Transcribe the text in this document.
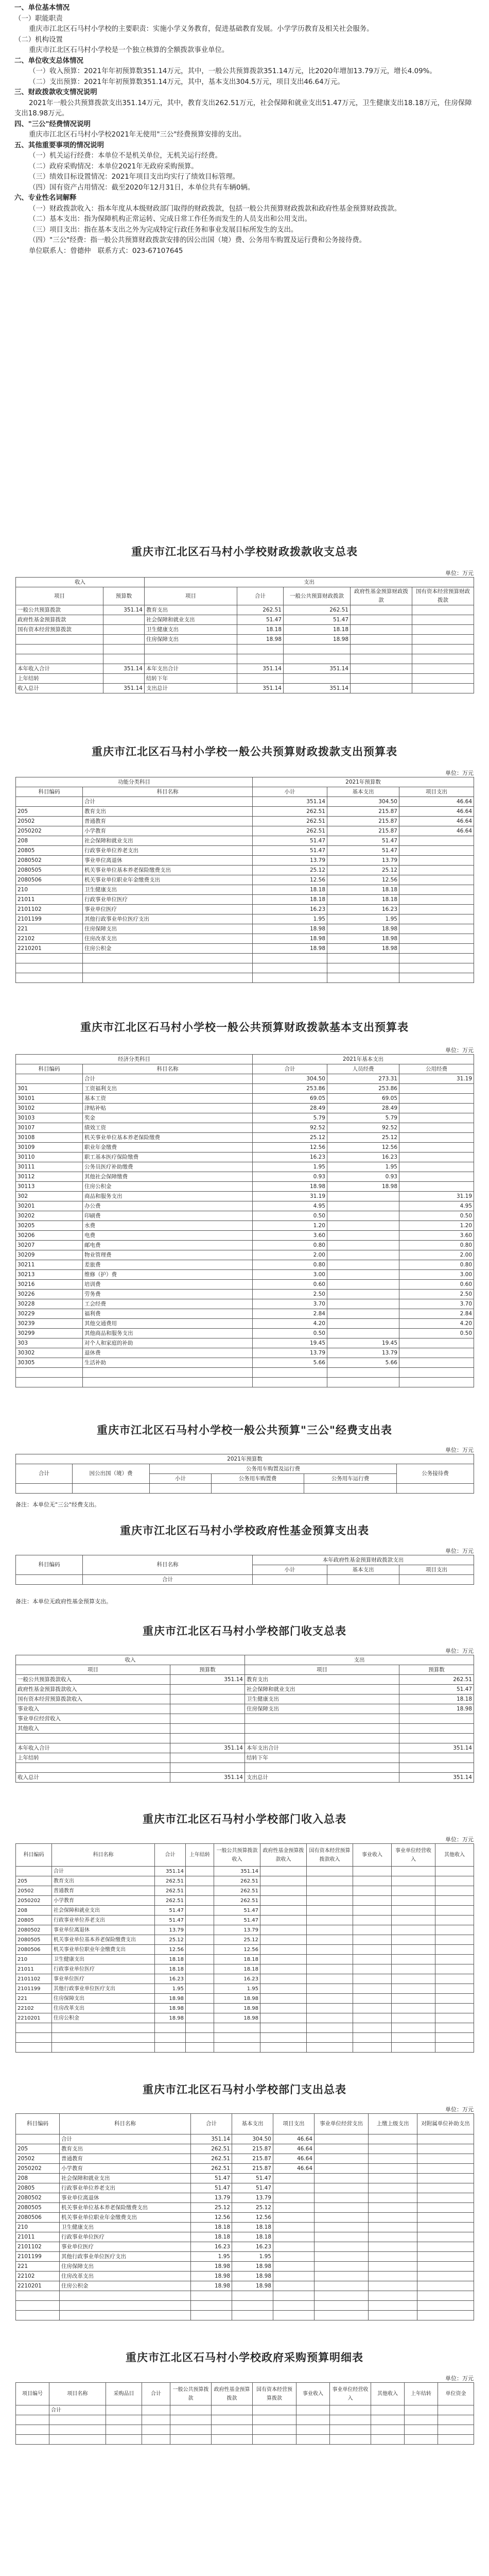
一、单位基本情况
（一）职能职责

重庆市江北区石马村小学校的主要职责：实施小学义务教育，促进基础教育发展。小学学历教育及相关社会服务。

（二）机构设置

重庆市江北区石马村小学校是一个独立核算的全额拨款事业单位。

二、单位收支总体情况

（一）收入预算：2021年年初预算数351.14万元，其中，一般公共预算拨款351.14万元，比2020年增加13.79万元，增长4.09%。

（二）支出预算：2021年年初预算数351.14万元，其中，基本支出304.5万元，项目支出46.64万元。

三、财政拨款收支情况说明

2021年一般公共预算拨款支出351.14万元，其中，教育支出262.51万元，社会保障和就业支出51.47万元，卫生健康支出18.18万元，住房保障支出18.98万元。

四、"三公"经费情况说明

重庆市江北区石马村小学校2021年无使用"三公"经费预算安排的支出。

五、其他重要事项的情况说明

（一）机关运行经费：本单位不是机关单位，无机关运行经费。

（二）政府采购情况：本单位2021年无政府采购预算。

（三）绩效目标设置情况：2021年项目支出均实行了绩效目标管理。

（四）国有资产占用情况：截至2020年12月31日，本单位共有车辆0辆。

六、专业性名词解释

（一）财政拨款收入：指本年度从本级财政部门取得的财政拨款，包括一般公共预算财政拨款和政府性基金预算财政拨款。

（二）基本支出：指为保障机构正常运转、完成日常工作任务而发生的人员支出和公用支出。

（三）项目支出：指在基本支出之外为完成特定行政任务和事业发展目标所发生的支出。

（四）"三公"经费：指一般公共预算财政拨款安排的因公出国（境）费、公务用车购置及运行费和公务接待费。

单位联系人：曾德仲　联系方式：023-67107645

重庆市江北区石马村小学校财政拨款收支总表
单位：万元
收入		支出				
项目	预算数	项目	合计	一般公共预算财政拨款	政府性基金预算财政拨款	国有资本经营预算财政拨款
一般公共预算拨款	351.14	教育支出	262.51	262.51		
政府性基金预算拨款		社会保障和就业支出	51.47	51.47		
国有资本经营预算拨款		卫生健康支出	18.18	18.18		
		住房保障支出	18.98	18.98		

本年收入合计	351.14	本年支出合计	351.14	351.14		
上年结转		结转下年				
收入总计	351.14	支出总计	351.14	351.14		
重庆市江北区石马村小学校一般公共预算财政拨款支出预算表
单位：万元
功能分类科目		2021年预算数		
科目编码	科目名称	小计	基本支出	项目支出
	合计	351.14	304.50	46.64
205	教育支出	262.51	215.87	46.64
20502	普通教育	262.51	215.87	46.64
2050202	小学教育	262.51	215.87	46.64
208	社会保障和就业支出	51.47	51.47	
20805	行政事业单位养老支出	51.47	51.47	
2080502	事业单位离退休	13.79	13.79	
2080505	机关事业单位基本养老保险缴费支出	25.12	25.12	
2080506	机关事业单位职业年金缴费支出	12.56	12.56	
210	卫生健康支出	18.18	18.18	
21011	行政事业单位医疗	18.18	18.18	
2101102	事业单位医疗	16.23	16.23	
2101199	其他行政事业单位医疗支出	1.95	1.95	
221	住房保障支出	18.98	18.98	
22102	住房改革支出	18.98	18.98	
2210201	住房公积金	18.98	18.98	

重庆市江北区石马村小学校一般公共预算财政拨款基本支出预算表
单位：万元
经济分类科目		2021年基本支出		
科目编码	科目名称	合计	人员经费	公用经费
	合计	304.50	273.31	31.19
301	工资福利支出	253.86	253.86	
30101	基本工资	69.05	69.05	
30102	津贴补贴	28.49	28.49	
30103	奖金	5.79	5.79	
30107	绩效工资	92.52	92.52	
30108	机关事业单位基本养老保险缴费	25.12	25.12	
30109	职业年金缴费	12.56	12.56	
30110	职工基本医疗保险缴费	16.23	16.23	
30111	公务员医疗补助缴费	1.95	1.95	
30112	其他社会保障缴费	0.93	0.93	
30113	住房公积金	18.98	18.98	
302	商品和服务支出	31.19		31.19
30201	办公费	4.95		4.95
30202	印刷费	0.50		0.50
30205	水费	1.20		1.20
30206	电费	3.60		3.60
30207	邮电费	0.80		0.80
30209	物业管理费	2.00		2.00
30211	差旅费	0.80		0.80
30213	维修（护）费	3.00		3.00
30216	培训费	0.60		0.60
30226	劳务费	2.50		2.50
30228	工会经费	3.70		3.70
30229	福利费	2.84		2.84
30239	其他交通费用	4.20		4.20
30299	其他商品和服务支出	0.50		0.50
303	对个人和家庭的补助	19.45	19.45	
30302	退休费	13.79	13.79	
30305	生活补助	5.66	5.66	

重庆市江北区石马村小学校一般公共预算"三公"经费支出表
单位：万元
2021年预算数					
合计	因公出国（境）费	公务用车购置及运行费			公务接待费
		小计	公务用车购置费	公务用车运行费	

备注：本单位无"三公"经费支出。
重庆市江北区石马村小学校政府性基金预算支出表
单位：万元
科目编码	科目名称	本年政府性基金预算财政拨款支出		
		小计	基本支出	项目支出
	合计			
备注：本单位无政府性基金预算支出。
重庆市江北区石马村小学校部门收支总表
单位：万元
收入		支出	
项目	预算数	项目	预算数
一般公共预算拨款收入	351.14	教育支出	262.51
政府性基金预算拨款收入		社会保障和就业支出	51.47
国有资本经营预算拨款收入		卫生健康支出	18.18
事业收入		住房保障支出	18.98
事业单位经营收入			
其他收入			

本年收入合计	351.14	本年支出合计	351.14
上年结转		结转下年	

收入总计	351.14	支出总计	351.14
重庆市江北区石马村小学校部门收入总表
单位：万元
科目编码	科目名称	合计	上年结转	一般公共预算拨款收入	政府性基金预算拨款收入	国有资本经营预算拨款收入	事业收入	事业单位经营收入	其他收入
	合计	351.14		351.14					
205	教育支出	262.51		262.51					
20502	普通教育	262.51		262.51					
2050202	小学教育	262.51		262.51					
208	社会保障和就业支出	51.47		51.47					
20805	行政事业单位养老支出	51.47		51.47					
2080502	事业单位离退休	13.79		13.79					
2080505	机关事业单位基本养老保险缴费支出	25.12		25.12					
2080506	机关事业单位职业年金缴费支出	12.56		12.56					
210	卫生健康支出	18.18		18.18					
21011	行政事业单位医疗	18.18		18.18					
2101102	事业单位医疗	16.23		16.23					
2101199	其他行政事业单位医疗支出	1.95		1.95					
221	住房保障支出	18.98		18.98					
22102	住房改革支出	18.98		18.98					
2210201	住房公积金	18.98		18.98					

重庆市江北区石马村小学校部门支出总表
单位：万元
科目编码	科目名称	合计	基本支出	项目支出	事业单位经营支出	上缴上级支出	对附属单位补助支出
	合计	351.14	304.50	46.64			
205	教育支出	262.51	215.87	46.64			
20502	普通教育	262.51	215.87	46.64			
2050202	小学教育	262.51	215.87	46.64			
208	社会保障和就业支出	51.47	51.47				
20805	行政事业单位养老支出	51.47	51.47				
2080502	事业单位离退休	13.79	13.79				
2080505	机关事业单位基本养老保险缴费支出	25.12	25.12				
2080506	机关事业单位职业年金缴费支出	12.56	12.56				
210	卫生健康支出	18.18	18.18				
21011	行政事业单位医疗	18.18	18.18				
2101102	事业单位医疗	16.23	16.23				
2101199	其他行政事业单位医疗支出	1.95	1.95				
221	住房保障支出	18.98	18.98				
22102	住房改革支出	18.98	18.98				
2210201	住房公积金	18.98	18.98				

重庆市江北区石马村小学校政府采购预算明细表
单位：万元
项目编号	项目名称	采购品目	合计	一般公共预算拨款	政府性基金预算拨款	国有资本经营预算拨款	事业收入	事业单位经营收入	其他收入	上年结转	单位资金
	合计										
